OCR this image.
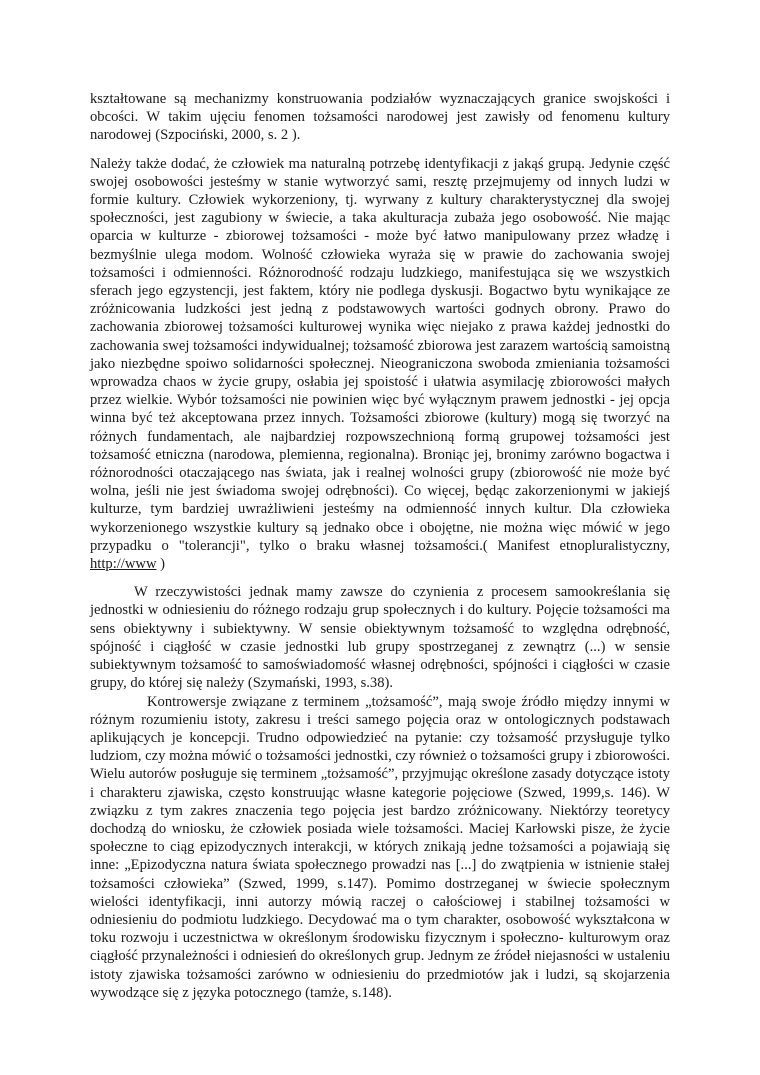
kształtowane są mechanizmy konstruowania podziałów wyznaczających granice swojskości i obcości. W takim ujęciu fenomen tożsamości narodowej jest zawisły od fenomenu kultury narodowej (Szpociński, 2000, s. 2 ).

Należy także dodać, że człowiek ma naturalną potrzebę identyfikacji z jakąś grupą. Jedynie część swojej osobowości jesteśmy w stanie wytworzyć sami, resztę przejmujemy od innych ludzi w formie kultury. Człowiek wykorzeniony, tj. wyrwany z kultury charakterystycznej dla swojej społeczności, jest zagubiony w świecie, a taka akulturacja zubaża jego osobowość. Nie mając oparcia w kulturze - zbiorowej tożsamości - może być łatwo manipulowany przez władzę i bezmyślnie ulega modom. Wolność człowieka wyraża się w prawie do zachowania swojej tożsamości i odmienności. Różnorodność rodzaju ludzkiego, manifestująca się we wszystkich sferach jego egzystencji, jest faktem, który nie podlega dyskusji. Bogactwo bytu wynikające ze zróżnicowania ludzkości jest jedną z podstawowych wartości godnych obrony. Prawo do zachowania zbiorowej tożsamości kulturowej wynika więc niejako z prawa każdej jednostki do zachowania swej tożsamości indywidualnej; tożsamość zbiorowa jest zarazem wartością samoistną jako niezbędne spoiwo solidarności społecznej. Nieograniczona swoboda zmieniania tożsamości wprowadza chaos w życie grupy, osłabia jej spoistość i ułatwia asymilację zbiorowości małych przez wielkie. Wybór tożsamości nie powinien więc być wyłącznym prawem jednostki - jej opcja winna być też akceptowana przez innych. Tożsamości zbiorowe (kultury) mogą się tworzyć na różnych fundamentach, ale najbardziej rozpowszechnioną formą grupowej tożsamości jest tożsamość etniczna (narodowa, plemienna, regionalna). Broniąc jej, bronimy zarówno bogactwa i różnorodności otaczającego nas świata, jak i realnej wolności grupy (zbiorowość nie może być wolna, jeśli nie jest świadoma swojej odrębności). Co więcej, będąc zakorzenionymi w jakiejś kulturze, tym bardziej uwrażliwieni jesteśmy na odmienność innych kultur. Dla człowieka wykorzenionego wszystkie kultury są jednako obce i obojętne, nie można więc mówić w jego przypadku o "tolerancji", tylko o braku własnej tożsamości.( Manifest etnopluralistyczny, http://www )

W rzeczywistości jednak mamy zawsze do czynienia z procesem samookreślania się jednostki w odniesieniu do różnego rodzaju grup społecznych i do kultury. Pojęcie tożsamości ma sens obiektywny i subiektywny. W sensie obiektywnym tożsamość to względna odrębność, spójność i ciągłość w czasie jednostki lub grupy spostrzeganej z zewnątrz (...) w sensie subiektywnym tożsamość to samoświadomość własnej odrębności, spójności i ciągłości w czasie grupy, do której się należy (Szymański, 1993, s.38).

Kontrowersje związane z terminem „tożsamość”, mają swoje źródło między innymi w różnym rozumieniu istoty, zakresu i treści samego pojęcia oraz w ontologicznych podstawach aplikujących je koncepcji. Trudno odpowiedzieć na pytanie: czy tożsamość przysługuje tylko ludziom, czy można mówić o tożsamości jednostki, czy również o tożsamości grupy i zbiorowości. Wielu autorów posługuje się terminem „tożsamość”, przyjmując określone zasady dotyczące istoty i charakteru zjawiska, często konstruując własne kategorie pojęciowe (Szwed, 1999,s. 146). W związku z tym zakres znaczenia tego pojęcia jest bardzo zróżnicowany. Niektórzy teoretycy dochodzą do wniosku, że człowiek posiada wiele tożsamości. Maciej Karłowski pisze, że życie społeczne to ciąg epizodycznych interakcji, w których znikają jedne tożsamości a pojawiają się inne: „Epizodyczna natura świata społecznego prowadzi nas [...] do zwątpienia w istnienie stałej tożsamości człowieka” (Szwed, 1999, s.147). Pomimo dostrzeganej w świecie społecznym wielości identyfikacji, inni autorzy mówią raczej o całościowej i stabilnej tożsamości w odniesieniu do podmiotu ludzkiego. Decydować ma o tym charakter, osobowość wykształcona w toku rozwoju i uczestnictwa w określonym środowisku fizycznym i społeczno- kulturowym oraz ciągłość przynależności i odniesień do określonych grup. Jednym ze źródeł niejasności w ustaleniu istoty zjawiska tożsamości zarówno w odniesieniu do przedmiotów jak i ludzi, są skojarzenia wywodzące się z języka potocznego (tamże, s.148).
